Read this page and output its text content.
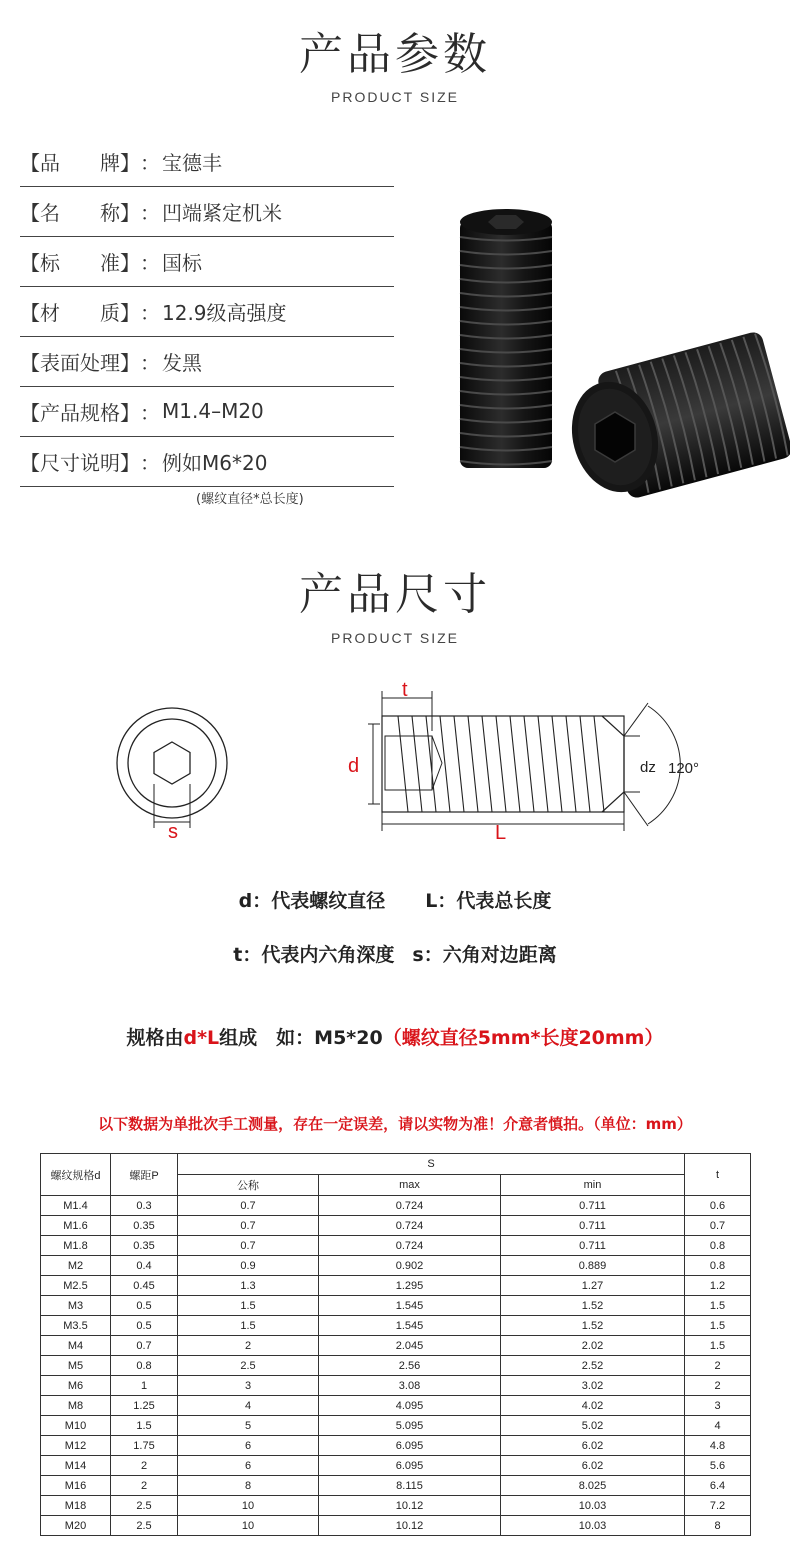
产品参数
PRODUCT SIZE
【品 牌】 ： 宝德丰
【名 称】 ： 凹端紧定机米
【标 准】 ： 国标
【材 质】 ： 12.9级高强度
【表面处理】 ： 发黑
【产品规格】 ： M1.4–M20
【尺寸说明】 ： 例如M6*20
(螺纹直径*总长度)
产品尺寸
PRODUCT SIZE
s
t
d	dz 120°
L
d：代表螺纹直径 L：代表总长度
t：代表内六角深度 s：六角对边距离
规格由d*L组成　如：M5*20（螺纹直径5mm*长度20mm）
以下数据为单批次手工测量，存在一定误差，请以实物为准！介意者慎拍。（单位：mm）
螺纹规格d	螺距P	S			t
		公称	max	min	
M1.4	0.3	0.7	0.724	0.711	0.6
M1.6	0.35	0.7	0.724	0.711	0.7
M1.8	0.35	0.7	0.724	0.711	0.8
M2	0.4	0.9	0.902	0.889	0.8
M2.5	0.45	1.3	1.295	1.27	1.2
M3	0.5	1.5	1.545	1.52	1.5
M3.5	0.5	1.5	1.545	1.52	1.5
M4	0.7	2	2.045	2.02	1.5
M5	0.8	2.5	2.56	2.52	2
M6	1	3	3.08	3.02	2
M8	1.25	4	4.095	4.02	3
M10	1.5	5	5.095	5.02	4
M12	1.75	6	6.095	6.02	4.8
M14	2	6	6.095	6.02	5.6
M16	2	8	8.115	8.025	6.4
M18	2.5	10	10.12	10.03	7.2
M20	2.5	10	10.12	10.03	8
